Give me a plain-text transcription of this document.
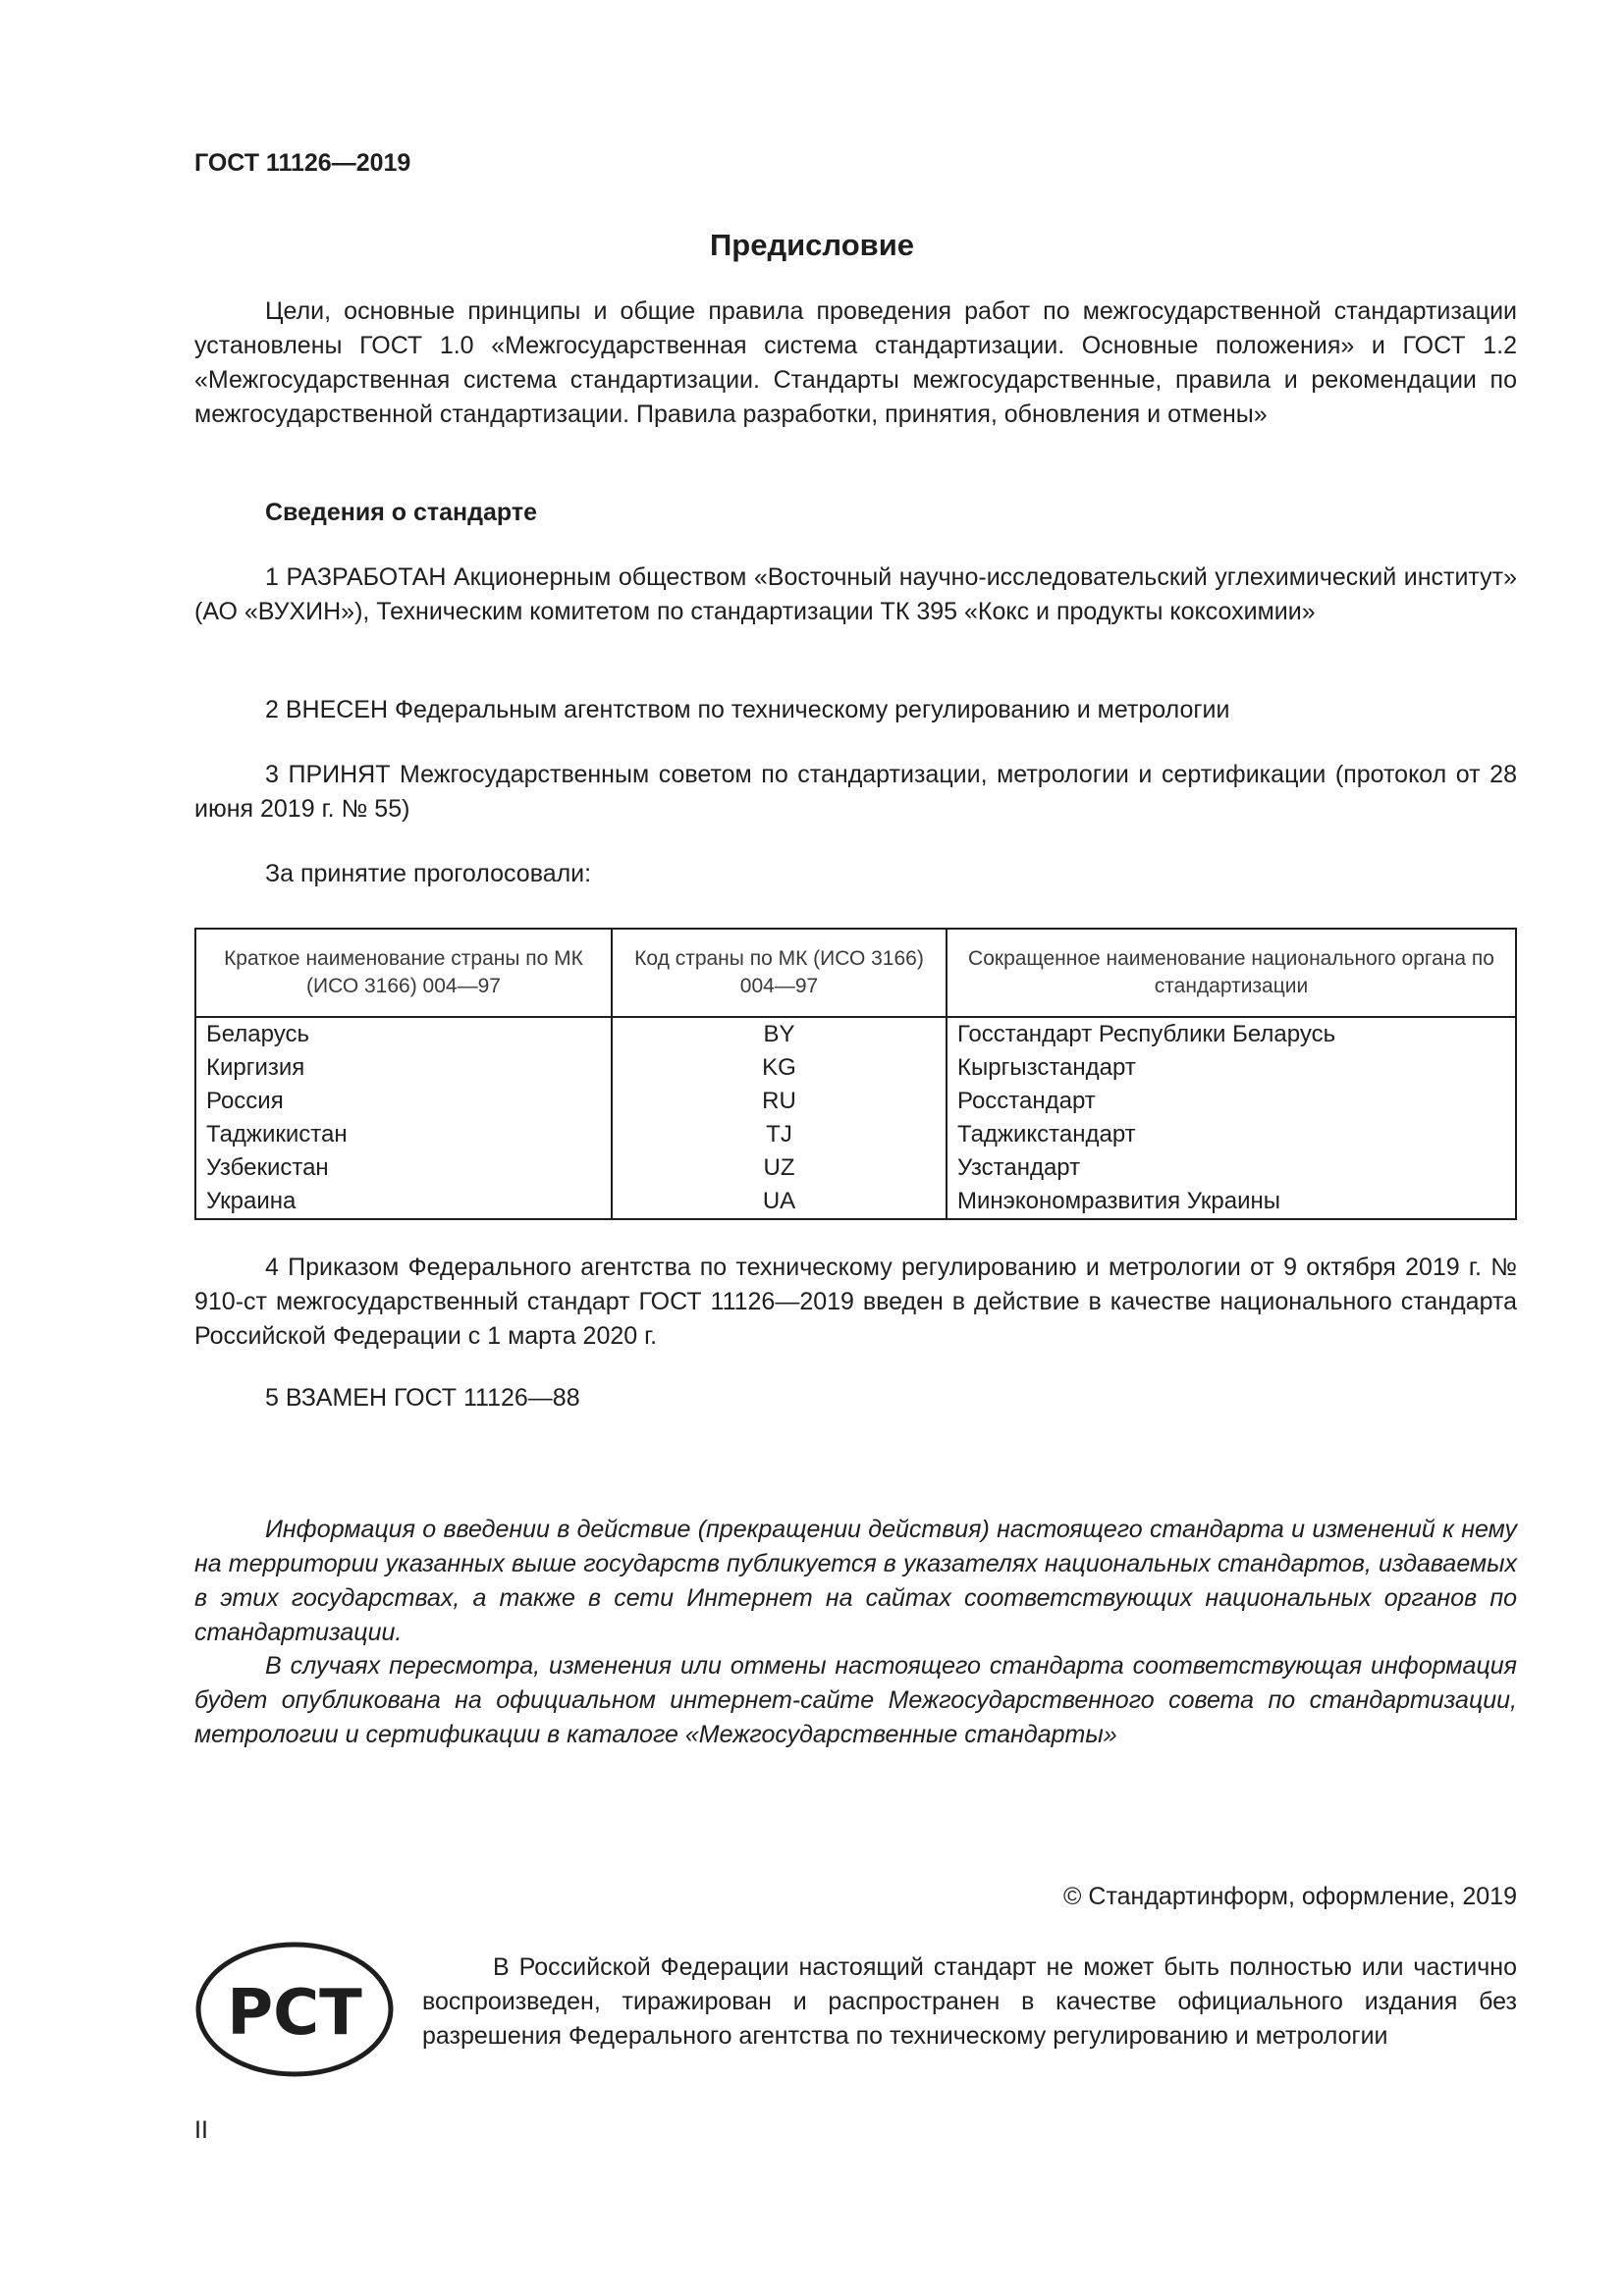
ГОСТ 11126—2019
Предисловие

Цели, основные принципы и общие правила проведения работ по межгосударственной стандартизации установлены ГОСТ 1.0 «Межгосударственная система стандартизации. Основные положения» и ГОСТ 1.2 «Межгосударственная система стандартизации. Стандарты межгосударственные, правила и рекомендации по межгосударственной стандартизации. Правила разработки, принятия, обновления и отмены»

Сведения о стандарте

1 РАЗРАБОТАН Акционерным обществом «Восточный научно-исследовательский углехимический институт» (АО «ВУХИН»), Техническим комитетом по стандартизации ТК 395 «Кокс и продукты коксохимии»

2 ВНЕСЕН Федеральным агентством по техническому регулированию и метрологии

3 ПРИНЯТ Межгосударственным советом по стандартизации, метрологии и сертификации (протокол от 28 июня 2019 г. № 55)

За принятие проголосовали:

Краткое наименование страны по МК (ИСО 3166) 004—97	Код страны по МК (ИСО 3166) 004—97	Сокращенное наименование национального органа по стандартизации
Беларусь	BY	Госстандарт Республики Беларусь
Киргизия	KG	Кыргызстандарт
Россия	RU	Росстандарт
Таджикистан	TJ	Таджикстандарт
Узбекистан	UZ	Узстандарт
Украина	UA	Минэкономразвития Украины

4 Приказом Федерального агентства по техническому регулированию и метрологии от 9 октября 2019 г. № 910-ст межгосударственный стандарт ГОСТ 11126—2019 введен в действие в качестве национального стандарта Российской Федерации с 1 марта 2020 г.

5 ВЗАМЕН ГОСТ 11126—88

Информация о введении в действие (прекращении действия) настоящего стандарта и изменений к нему на территории указанных выше государств публикуется в указателях национальных стандартов, издаваемых в этих государствах, а также в сети Интернет на сайтах соответствующих национальных органов по стандартизации.

В случаях пересмотра, изменения или отмены настоящего стандарта соответствующая информация будет опубликована на официальном интернет-сайте Межгосударственного совета по стандартизации, метрологии и сертификации в каталоге «Межгосударственные стандарты»

© Стандартинформ, оформление, 2019
РСТ

В Российской Федерации настоящий стандарт не может быть полностью или частично воспроизведен, тиражирован и распространен в качестве официального издания без разрешения Федерального агентства по техническому регулированию и метрологии

II
